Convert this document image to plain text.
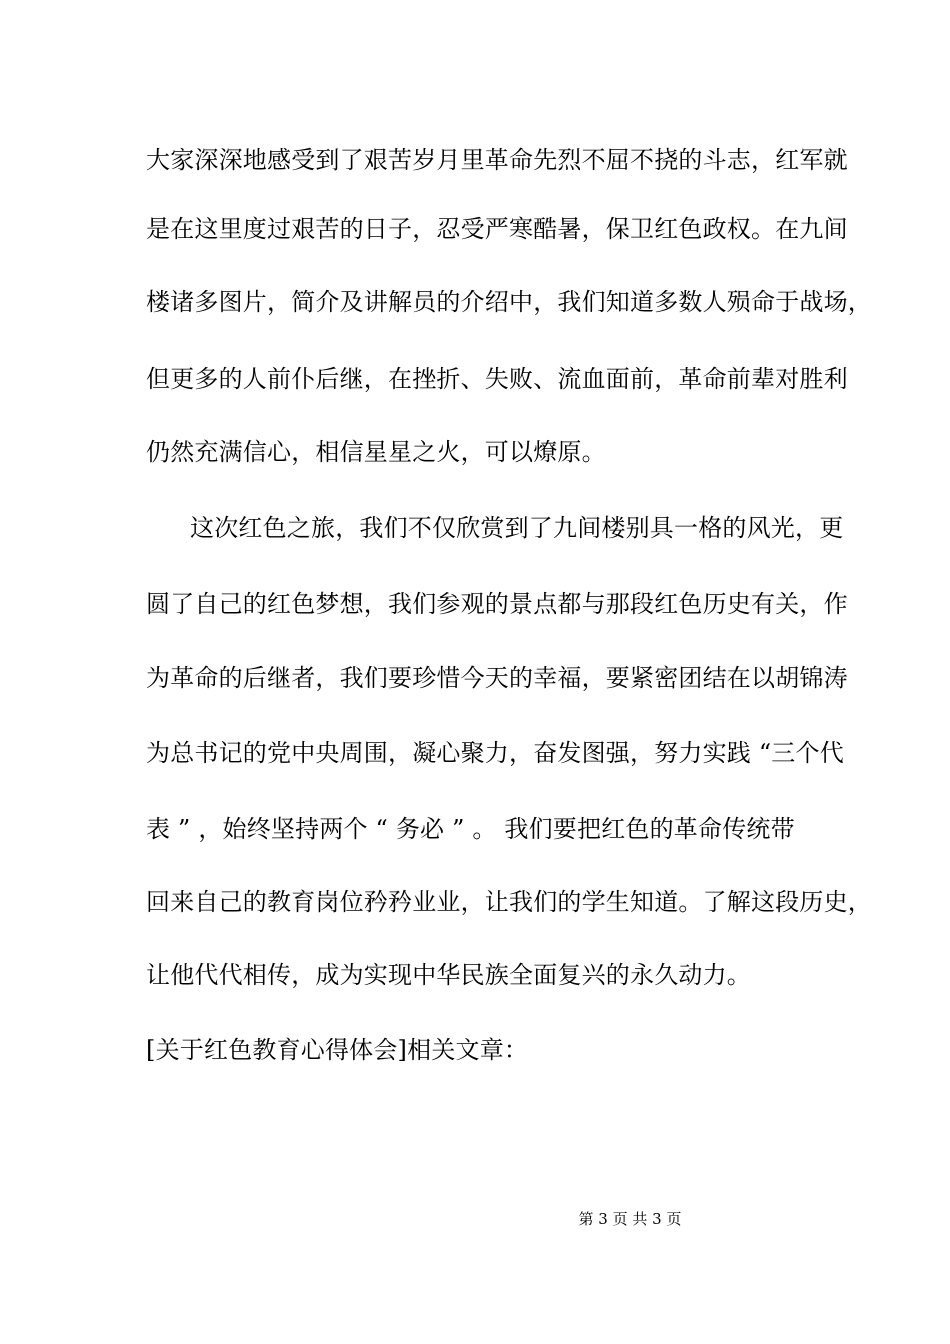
大家深深地感受到了艰苦岁月里革命先烈不屈不挠的斗志，红军就
是在这里度过艰苦的日子，忍受严寒酷暑，保卫红色政权。在九间
楼诸多图片，简介及讲解员的介绍中，我们知道多数人殒命于战场，
但更多的人前仆后继，在挫折、失败、流血面前，革命前辈对胜利
仍然充满信心，相信星星之火，可以燎原。
这次红色之旅，我们不仅欣赏到了九间楼别具一格的风光，更
圆了自己的红色梦想，我们参观的景点都与那段红色历史有关，作
为革命的后继者，我们要珍惜今天的幸福，要紧密团结在以胡锦涛
为总书记的党中央周围，凝心聚力，奋发图强，努力实践 “三个代
表 ” ，始终坚持两个 “ 务必 ” 。 我们要把红色的革命传统带
回来自己的教育岗位矜矜业业，让我们的学生知道。了解这段历史，
让他代代相传，成为实现中华民族全面复兴的永久动力。
[关于红色教育心得体会]相关文章：
第 3 页 共 3 页
